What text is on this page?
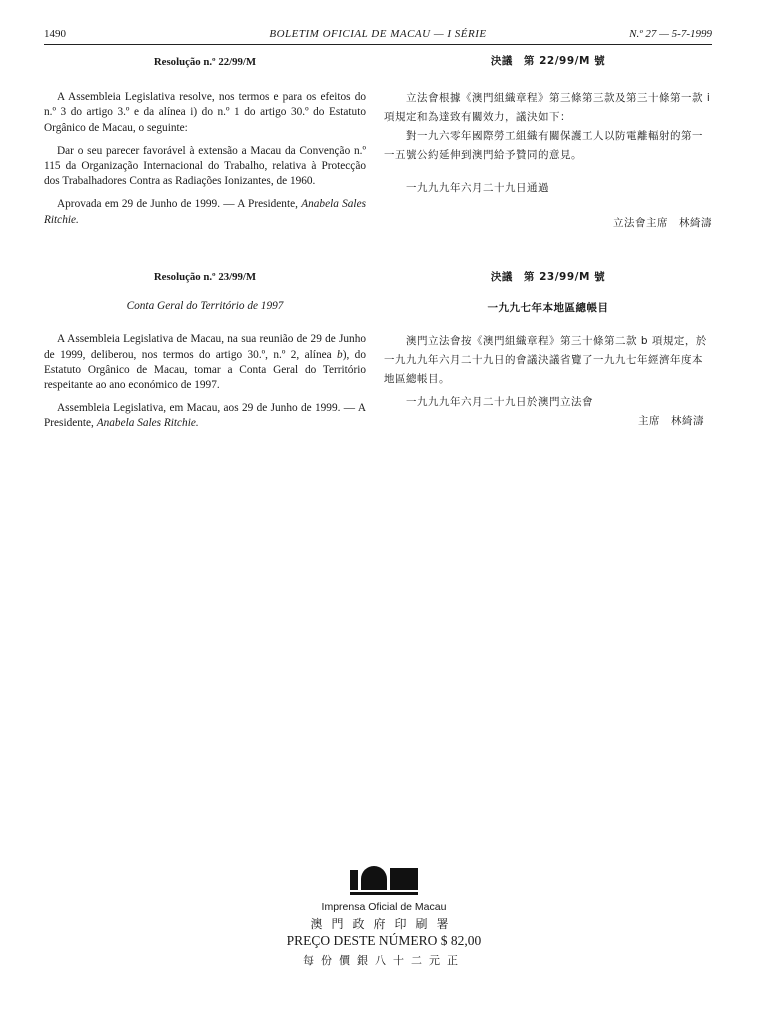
1490	BOLETIM OFICIAL DE MACAU — I SÉRIE	N.º 27 — 5-7-1999
Resolução n.º 22/99/M

A Assembleia Legislativa resolve, nos termos e para os efeitos do n.º 3 do artigo 3.º e da alínea i) do n.º 1 do artigo 30.º do Estatuto Orgânico de Macau, o seguinte:

Dar o seu parecer favorável à extensão a Macau da Convenção n.º 115 da Organização Internacional do Trabalho, relativa à Protecção dos Trabalhadores Contra as Radiações Ionizantes, de 1960.

Aprovada em 29 de Junho de 1999. — A Presidente, Anabela Sales Ritchie.

決議　第 22/99/M 號

立法會根據《澳門組織章程》第三條第三款及第三十條第一款 i 項規定和為達致有關效力，議決如下：

對一九六零年國際勞工組織有關保護工人以防電離輻射的第一一五號公約延伸到澳門給予贊同的意見。

一九九九年六月二十九日通過

立法會主席　林綺濤

Resolução n.º 23/99/M
Conta Geral do Território de 1997

A Assembleia Legislativa de Macau, na sua reunião de 29 de Junho de 1999, deliberou, nos termos do artigo 30.º, n.º 2, alínea b), do Estatuto Orgânico de Macau, tomar a Conta Geral do Território respeitante ao ano económico de 1997.

Assembleia Legislativa, em Macau, aos 29 de Junho de 1999. — A Presidente, Anabela Sales Ritchie.

決議　第 23/99/M 號
一九九七年本地區總帳目

澳門立法會按《澳門組織章程》第三十條第二款 b 項規定，於一九九九年六月二十九日的會議決議省覽了一九九七年經濟年度本地區總帳目。

一九九九年六月二十九日於澳門立法會

主席　林綺濤

Imprensa Oficial de Macau
澳門政府印刷署
PREÇO DESTE NÚMERO $ 82,00
每份價銀八十二元正
